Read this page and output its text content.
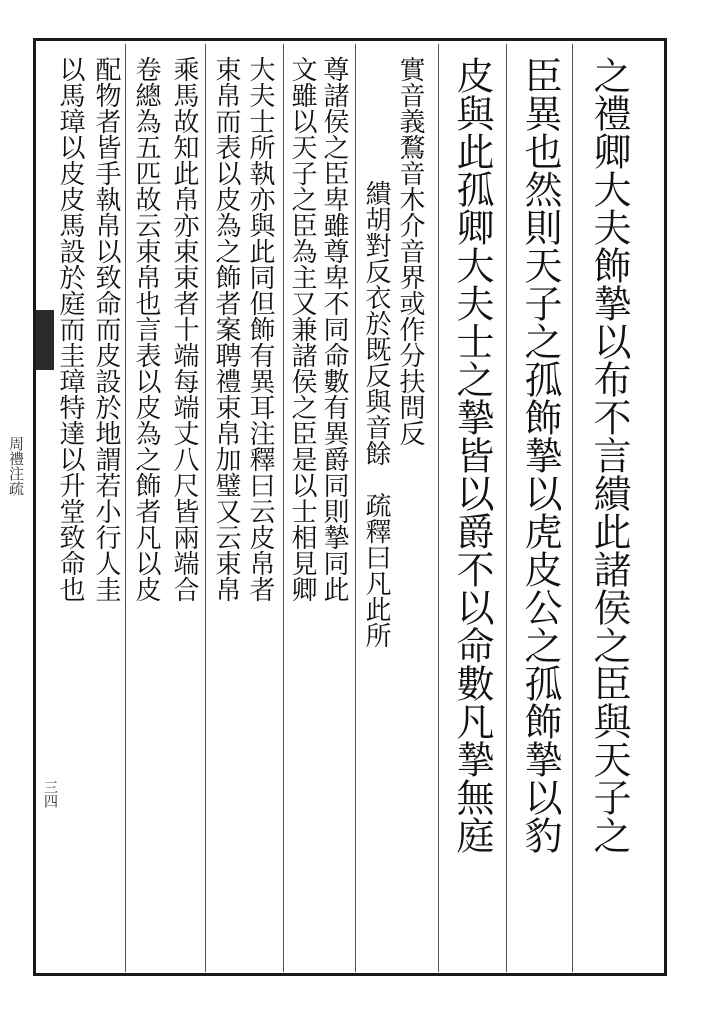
周禮注疏
三四	之禮卿大夫飾摯以布不言繢此諸侯之臣與天子之
臣異也然則天子之孤飾摯以虎皮公之孤飾摯以豹
皮與此孤卿大夫士之摯皆以爵不以命數凡摯無庭
實音義鶩音木介音界或作分扶問反
繢胡對反衣於既反與音餘　疏釋曰凡此所
尊諸侯之臣卑雖尊卑不同命數有異爵同則摯同此
文雖以天子之臣為主又兼諸侯之臣是以士相見卿
大夫士所執亦與此同但飾有異耳注釋曰云皮帛者
束帛而表以皮為之飾者案聘禮束帛加璧又云束帛
乘馬故知此帛亦束束者十端每端丈八尺皆兩端合
卷總為五匹故云束帛也言表以皮為之飾者凡以皮
配物者皆手執帛以致命而皮設於地謂若小行人圭
以馬璋以皮皮馬設於庭而圭璋特達以升堂致命也
